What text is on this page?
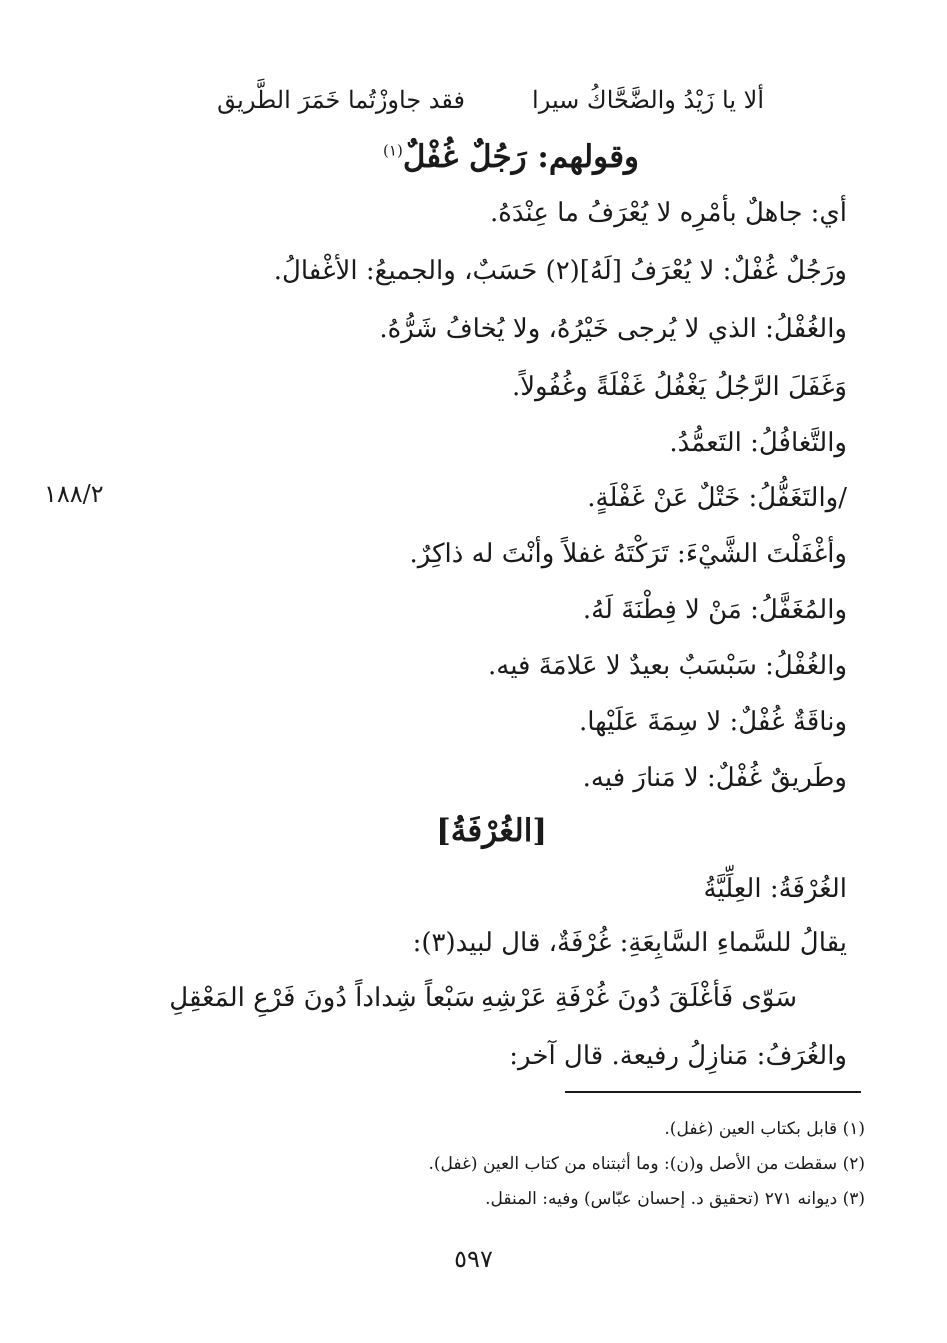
ألا يا زَيْدُ والضَّحَّاكُ سيرا
فقد جاوزْتُما خَمَرَ الطَّريق
وقولهم: رَجُلٌ غُفْلٌ$^{(١)}$
أي: جاهلٌ بأمْرِه لا يُعْرَفُ ما عِنْدَهُ.
ورَجُلٌ غُفْلٌ: لا يُعْرَفُ [لَهُ](٢) حَسَبٌ، والجميعُ: الأغْفالُ.
والغُفْلُ: الذي لا يُرجى خَيْرُهُ، ولا يُخافُ شَرُّهُ.
وَغَفَلَ الرَّجُلُ يَغْفُلُ غَفْلَةً وغُفُولاً.
والتَّغافُلُ: التَعمُّدُ.
/والتَغَفُّلُ: خَتْلٌ عَنْ غَفْلَةٍ.
وأغْفَلْتَ الشَّيْءَ: تَرَكْتَهُ غفلاً وأنْتَ له ذاكِرٌ.
والمُغَفَّلُ: مَنْ لا فِطْنَةَ لَهُ.
والغُفْلُ: سَبْسَبٌ بعيدٌ لا عَلامَةَ فيه.
وناقَةٌ غُفْلٌ: لا سِمَةَ عَلَيْها.
وطَريقٌ غُفْلٌ: لا مَنارَ فيه.
١٨٨/٢
[الغُرْفَةُ]
الغُرْفَةُ: العِلِّيَّةُ
يقالُ للسَّماءِ السَّابِعَةِ: غُرْفَةٌ، قال لبيد(٣):
سَوّى فَأغْلَقَ دُونَ غُرْفَةِ عَرْشِهِ
سَبْعاً شِداداً دُونَ فَرْعِ المَعْقِلِ
والغُرَفُ: مَنازِلُ رفيعة. قال آخر:
(١) قابل بكتاب العين (غفل).
(٢) سقطت من الأصل و(ن): وما أثبتناه من كتاب العين (غفل).
(٣) ديوانه ٢٧١ (تحقيق د. إحسان عبّاس) وفيه: المنقل.
٥٩٧
